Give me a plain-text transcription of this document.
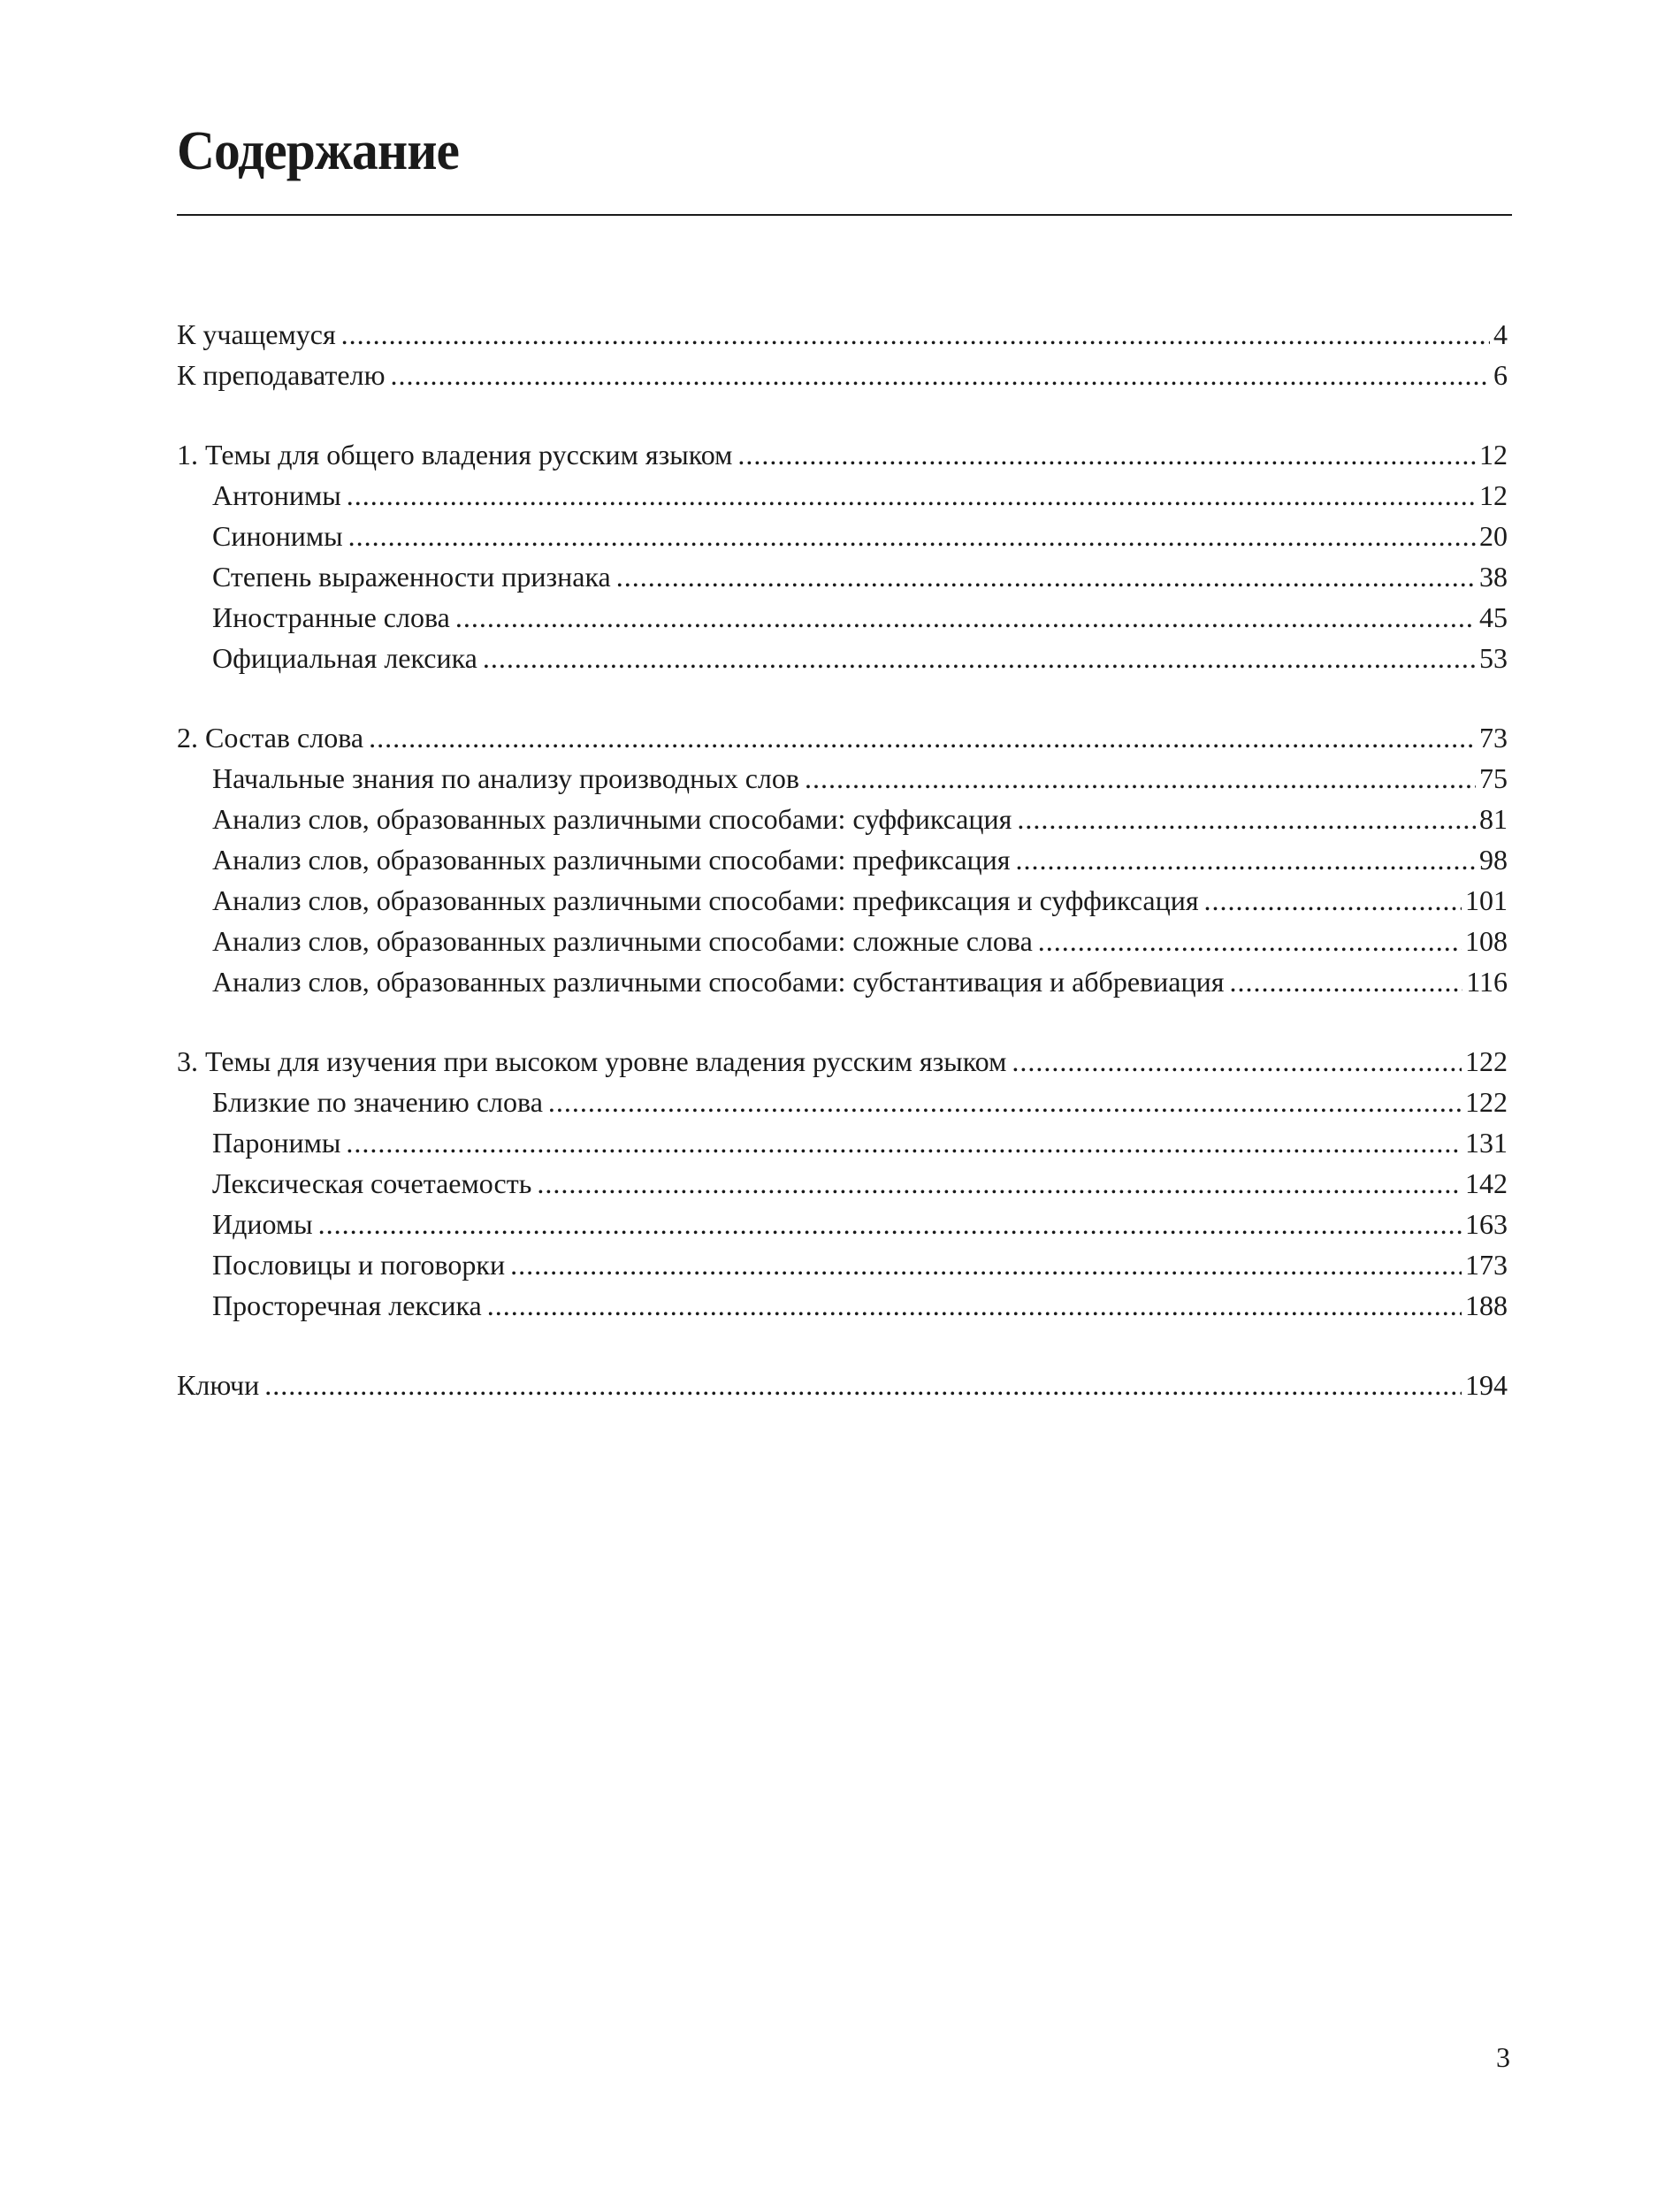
Содержание
К учащемуся .....	4
К преподавателю .....	6
1. Темы для общего владения русским языком .....	12
Антонимы .....	12
Синонимы .....	20
Степень выраженности признака .....	38
Иностранные слова .....	45
Официальная лексика .....	53
2. Состав слова .....	73
Начальные знания по анализу производных слов .....	75
Анализ слов, образованных различными способами: суффиксация .....	81
Анализ слов, образованных различными способами: префиксация .....	98
Анализ слов, образованных различными способами: префиксация и суффиксация .....	101
Анализ слов, образованных различными способами: сложные слова .....	108
Анализ слов, образованных различными способами: субстантивация и аббревиация .....	116
3. Темы для изучения при высоком уровне владения русским языком .....	122
Близкие по значению слова .....	122
Паронимы .....	131
Лексическая сочетаемость .....	142
Идиомы .....	163
Пословицы и поговорки .....	173
Просторечная лексика .....	188
Ключи .....	194
3
